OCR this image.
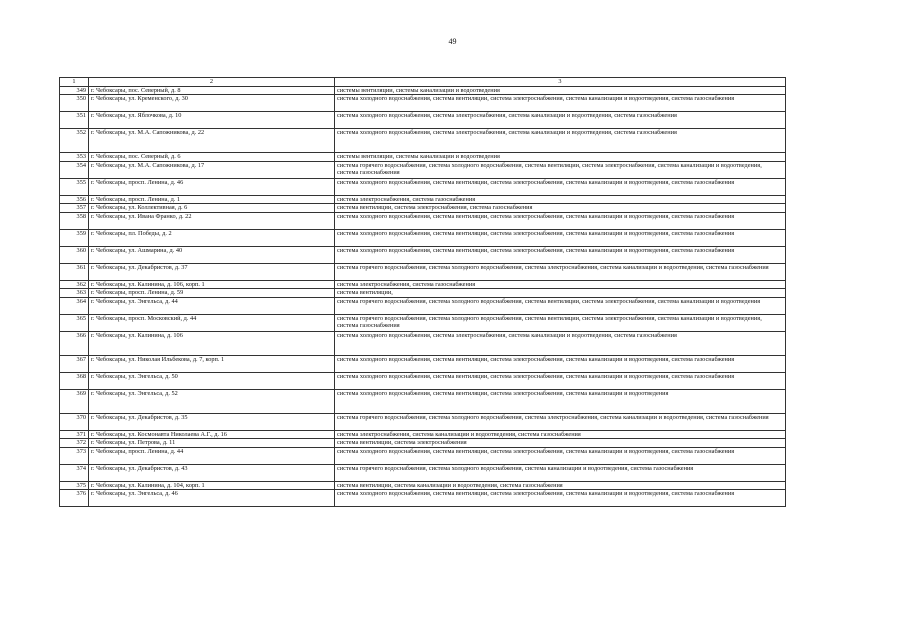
49
1	2	3
349	г. Чебоксары, пос. Северный, д. 8	системы вентиляции, системы канализации и водоотведения
350	г. Чебоксары, ул. Кременского, д. 30	система холодного водоснабжения, система вентиляции, система электроснабжения, система канализации и водоотведения, система газоснабжения
351	г. Чебоксары, ул. Яблочкова, д. 10	система холодного водоснабжения, система электроснабжения, система канализации и водоотведения, система газоснабжения
352	г. Чебоксары, ул. М.А. Сапожникова, д. 22	система холодного водоснабжения, система электроснабжения, система канализации и водоотведения, система газоснабжения
353	г. Чебоксары, пос. Северный, д. 6	системы вентиляции, системы канализации и водоотведения
354	г. Чебоксары, ул. М.А. Сапожникова, д. 17	система горячего водоснабжения, система холодного водоснабжения, система вентиляции, система электроснабжения, система канализации и водоотведения, система газоснабжения
355	г. Чебоксары, просп. Ленина, д. 46	система холодного водоснабжения, система вентиляции, система электроснабжения, система канализации и водоотведения, система газоснабжения
356	г. Чебоксары, просп. Ленина, д. 1	система электроснабжения, система газоснабжения
357	г. Чебоксары, ул. Коллективная, д. 6	система вентиляции, система электроснабжения, система газоснабжения
358	г. Чебоксары, ул. Ивана Франко, д. 22	система холодного водоснабжения, система вентиляции, система электроснабжения, система канализации и водоотведения, система газоснабжения
359	г. Чебоксары, пл. Победы, д. 2	система холодного водоснабжения, система вентиляции, система электроснабжения, система канализации и водоотведения, система газоснабжения
360	г. Чебоксары, ул. Ашмарина, д. 40	система холодного водоснабжения, система вентиляции, система электроснабжения, система канализации и водоотведения, система газоснабжения
361	г. Чебоксары, ул. Декабристов, д. 37	система горячего водоснабжения, система холодного водоснабжения, система электроснабжения, система канализации и водоотведения, система газоснабжения
362	г. Чебоксары, ул. Калинина, д. 106, корп. 1	система электроснабжения, система газоснабжения
363	г. Чебоксары, просп. Ленина, д. 59	система вентиляции,
364	г. Чебоксары, ул. Энгельса, д. 44	система горячего водоснабжения, система холодного водоснабжения, система вентиляции, система электроснабжения, система канализации и водоотведения
365	г. Чебоксары, просп. Московский, д. 44	система горячего водоснабжения, система холодного водоснабжения, система вентиляции, система электроснабжения, система канализации и водоотведения, система газоснабжения
366	г. Чебоксары, ул. Калинина, д. 106	система холодного водоснабжения, система электроснабжения, система канализации и водоотведения, система газоснабжения
367	г. Чебоксары, ул. Николая Ильбекова, д. 7, корп. 1	система холодного водоснабжения, система вентиляции, система электроснабжения, система канализации и водоотведения, система газоснабжения
368	г. Чебоксары, ул. Энгельса, д. 50	система холодного водоснабжения, система вентиляции, система электроснабжения, система канализации и водоотведения, система газоснабжения
369	г. Чебоксары, ул. Энгельса, д. 52	система холодного водоснабжения, система вентиляции, система электроснабжения, система канализации и водоотведения
370	г. Чебоксары, ул. Декабристов, д. 35	система горячего водоснабжения, система холодного водоснабжения, система электроснабжения, система канализации и водоотведения, система газоснабжения
371	г. Чебоксары, ул. Космонавта Николаева А.Г., д. 16	система электроснабжения, система канализации и водоотведения, система газоснабжения
372	г. Чебоксары, ул. Петрова, д. 11	система вентиляции, система электроснабжения
373	г. Чебоксары, просп. Ленина, д. 44	система холодного водоснабжения, система вентиляции, система электроснабжения, система канализации и водоотведения, система газоснабжения
374	г. Чебоксары, ул. Декабристов, д. 43	система горячего водоснабжения, система холодного водоснабжения, система канализации и водоотведения, система газоснабжения
375	г. Чебоксары, ул. Калинина, д. 104, корп. 1	система вентиляции, система канализации и водоотведения, система газоснабжения
376	г. Чебоксары, ул. Энгельса, д. 46	система холодного водоснабжения, система вентиляции, система электроснабжения, система канализации и водоотведения, система газоснабжения
